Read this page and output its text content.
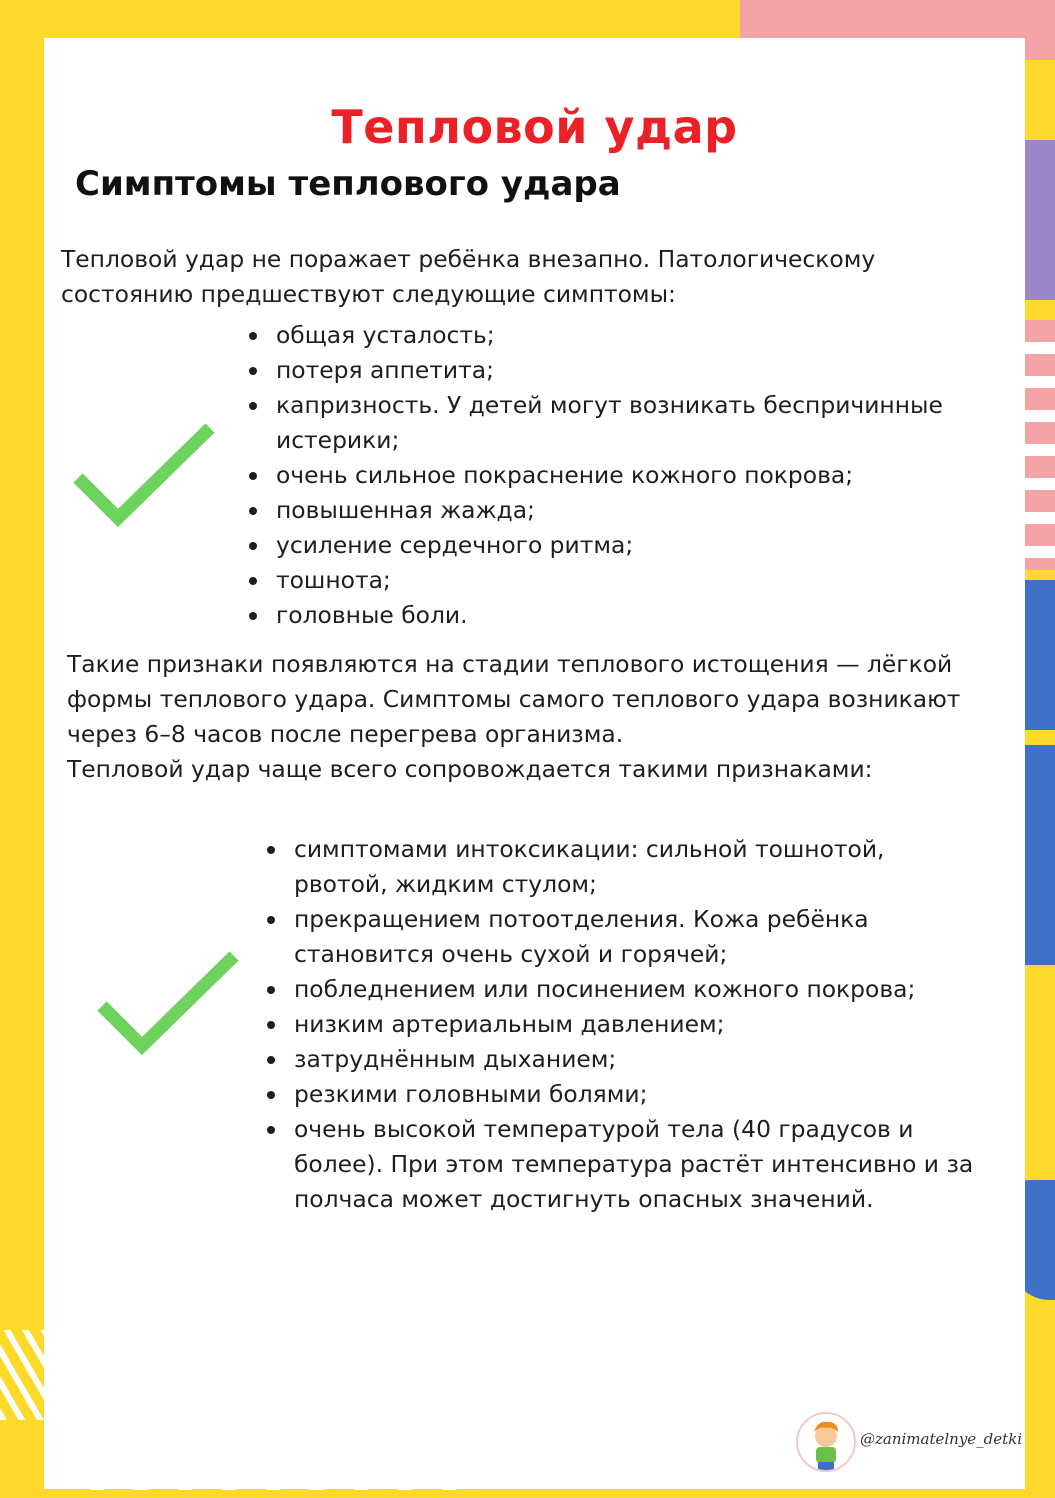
Тепловой удар
Симптомы теплового удара

Тепловой удар не поражает ребёнка внезапно. Патологическому
состоянию предшествуют следующие симптомы:

общая усталость;
потеря аппетита;
капризность. У детей могут возникать беспричинные
истерики;
очень сильное покраснение кожного покрова;
повышенная жажда;
усиление сердечного ритма;
тошнота;
головные боли.

Такие признаки появляются на стадии теплового истощения — лёгкой
формы теплового удара. Симптомы самого теплового удара возникают
через 6–8 часов после перегрева организма.
Тепловой удар чаще всего сопровождается такими признаками:

симптомами интоксикации: сильной тошнотой,
рвотой, жидким стулом;
прекращением потоотделения. Кожа ребёнка
становится очень сухой и горячей;
побледнением или посинением кожного покрова;
низким артериальным давлением;
затруднённым дыханием;
резкими головными болями;
очень высокой температурой тела (40 градусов и
более). При этом температура растёт интенсивно и за
полчаса может достигнуть опасных значений.
@zanimatelnye_detki
